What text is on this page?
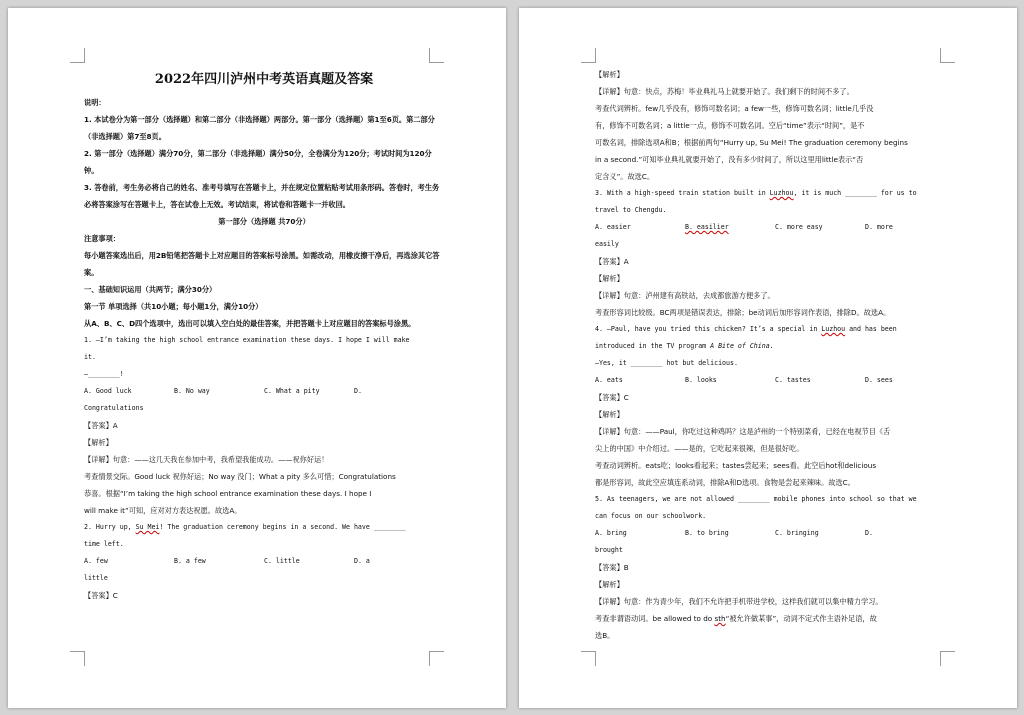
2022年四川泸州中考英语真题及答案
说明：
1. 本试卷分为第一部分（选择题）和第二部分（非选择题）两部分。第一部分（选择题）第1至6页。第二部分（非选择题）第7至8页。
2. 第一部分（选择题）满分70分，第二部分（非选择题）满分50分，全卷满分为120分；考试时间为120分钟。
3. 答卷前，考生务必将自己的姓名、准考号填写在答题卡上，并在规定位置粘贴考试用条形码。答卷时，考生务必将答案涂写在答题卡上，答在试卷上无效。考试结束，将试卷和答题卡一并收回。
第一部分（选择题 共70分）
注意事项：
每小题答案选出后，用2B铅笔把答题卡上对应题目的答案标号涂黑。如需改动，用橡皮擦干净后，再选涂其它答案。
一、基础知识运用（共两节；满分30分）
第一节 单项选择（共10小题；每小题1分，满分10分）
从A、B、C、D四个选项中，选出可以填入空白处的最佳答案，并把答题卡上对应题目的答案标号涂黑。
1. —I’m taking the high school entrance examination these days. I hope I will make
it.
—________!
A. Good luck	B. No way	C. What a pity	D.
Congratulations
【答案】A
【解析】
【详解】句意：——这几天我在参加中考，我希望我能成功。——祝你好运！
考查情景交际。Good luck 祝你好运；No way 没门；What a pity 多么可惜；Congratulations
恭喜。根据“I’m taking the high school entrance examination these days. I hope I
will make it”可知，应对对方表达祝愿。故选A。
2. Hurry up, Su Mei! The graduation ceremony begins in a second. We have ________
time left.
A. few	B. a few	C. little	D. a
little
【答案】C
【解析】
【详解】句意：快点，苏梅！毕业典礼马上就要开始了。我们剩下的时间不多了。
考查代词辨析。few几乎没有，修饰可数名词；a few一些，修饰可数名词；little几乎没
有，修饰不可数名词；a little一点，修饰不可数名词。空后“time”表示“时间”，是不
可数名词，排除选项A和B；根据前两句“Hurry up, Su Mei! The graduation ceremony begins
in a second.”可知毕业典礼就要开始了，没有多少时间了，所以这里用little表示“否
定含义”。故选C。
3. With a high-speed train station built in Luzhou, it is much ________ for us to
travel to Chengdu.
A. easier	B. easilier	C. more easy	D. more
easily
【答案】A
【解析】
【详解】句意：泸州建有高铁站，去成都旅游方便多了。
考查形容词比较级。BC两项是错误表达，排除；be动词后加形容词作表语，排除D。故选A。
4. —Paul, have you tried this chicken? It’s a special in Luzhou and has been
introduced in the TV program A Bite of China.
—Yes, it ________ hot but delicious.
A. eats	B. looks	C. tastes	D. sees
【答案】C
【解析】
【详解】句意：——Paul，你吃过这种鸡吗？这是泸州的一个特别菜肴，已经在电视节目《舌
尖上的中国》中介绍过。——是的，它吃起来很辣，但是很好吃。
考查动词辨析。eats吃；looks看起来；tastes尝起来；sees看。此空后hot和delicious
都是形容词，故此空应填连系动词，排除A和D选项。食物是尝起来辣味。故选C。
5. As teenagers, we are not allowed ________ mobile phones into school so that we
can focus on our schoolwork.
A. bring	B. to bring	C. bringing	D.
brought
【答案】B
【解析】
【详解】句意：作为青少年，我们不允许把手机带进学校，这样我们就可以集中精力学习。
考查非谓语动词。be allowed to do sth“被允许做某事”，动词不定式作主语补足语，故
选B。
